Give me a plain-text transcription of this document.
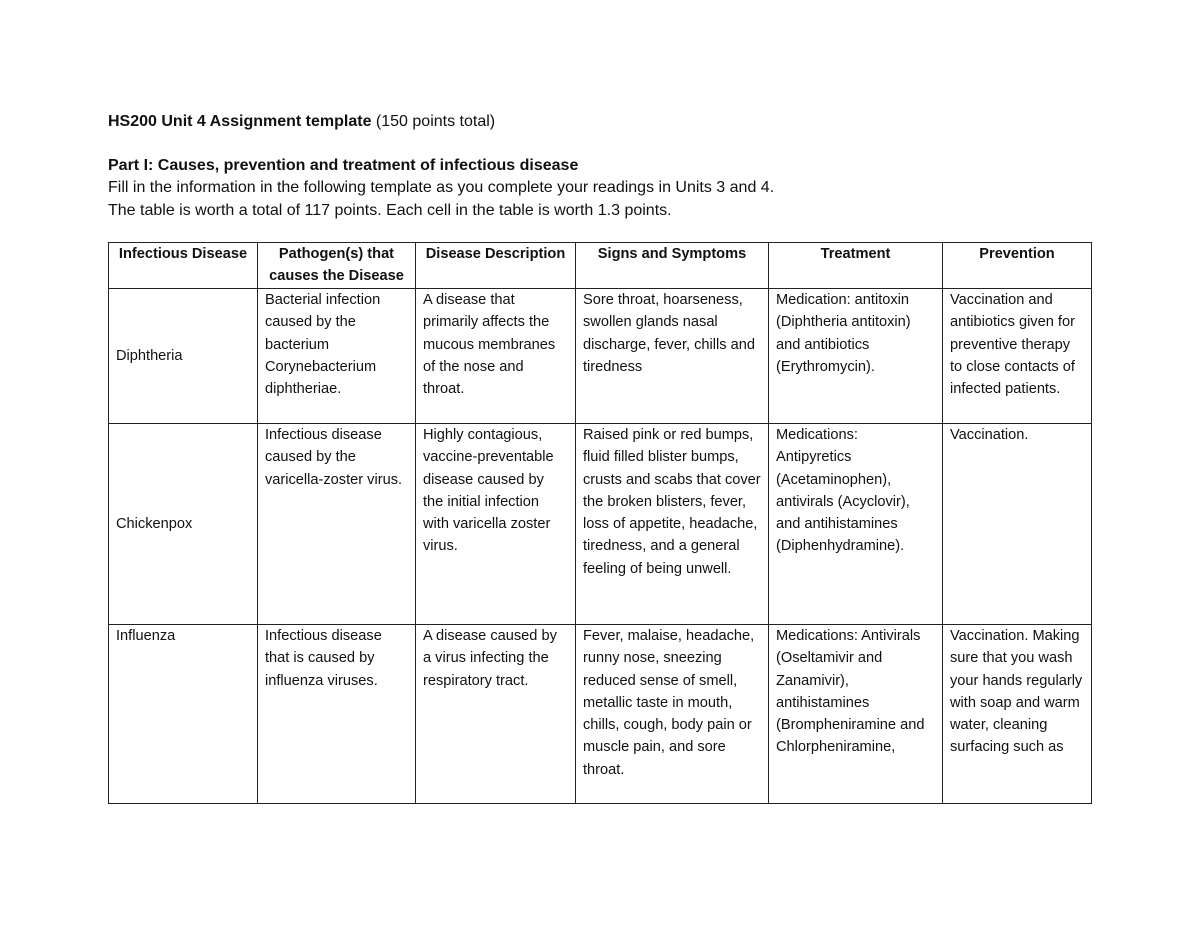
HS200 Unit 4 Assignment template (150 points total)
Part I: Causes, prevention and treatment of infectious disease
Fill in the information in the following template as you complete your readings in Units 3 and 4.
The table is worth a total of 117 points. Each cell in the table is worth 1.3 points.
Infectious Disease	Pathogen(s) that causes the Disease	Disease Description	Signs and Symptoms	Treatment	Prevention
Diphtheria	Bacterial infection caused by the bacterium Corynebacterium diphtheriae.	A disease that primarily affects the mucous membranes of the nose and throat.	Sore throat, hoarseness, swollen glands nasal discharge, fever, chills and tiredness	Medication: antitoxin (Diphtheria antitoxin) and antibiotics (Erythromycin).	Vaccination and antibiotics given for preventive therapy to close contacts of infected patients.
Chickenpox	Infectious disease caused by the varicella-zoster virus.	Highly contagious, vaccine-preventable disease caused by the initial infection with varicella zoster virus.	Raised pink or red bumps, fluid filled blister bumps, crusts and scabs that cover the broken blisters, fever, loss of appetite, headache, tiredness, and a general feeling of being unwell.	Medications: Antipyretics (Acetaminophen), antivirals (Acyclovir), and antihistamines (Diphenhydramine).	Vaccination.

Influenza	Infectious disease that is caused by influenza viruses.	A disease caused by a virus infecting the respiratory tract.	Fever, malaise, headache, runny nose, sneezing reduced sense of smell, metallic taste in mouth, chills, cough, body pain or muscle pain, and sore throat.	Medications: Antivirals (Oseltamivir and Zanamivir), antihistamines (Brompheniramine and Chlorpheniramine,	Vaccination. Making sure that you wash your hands regularly with soap and warm water, cleaning surfacing such as
